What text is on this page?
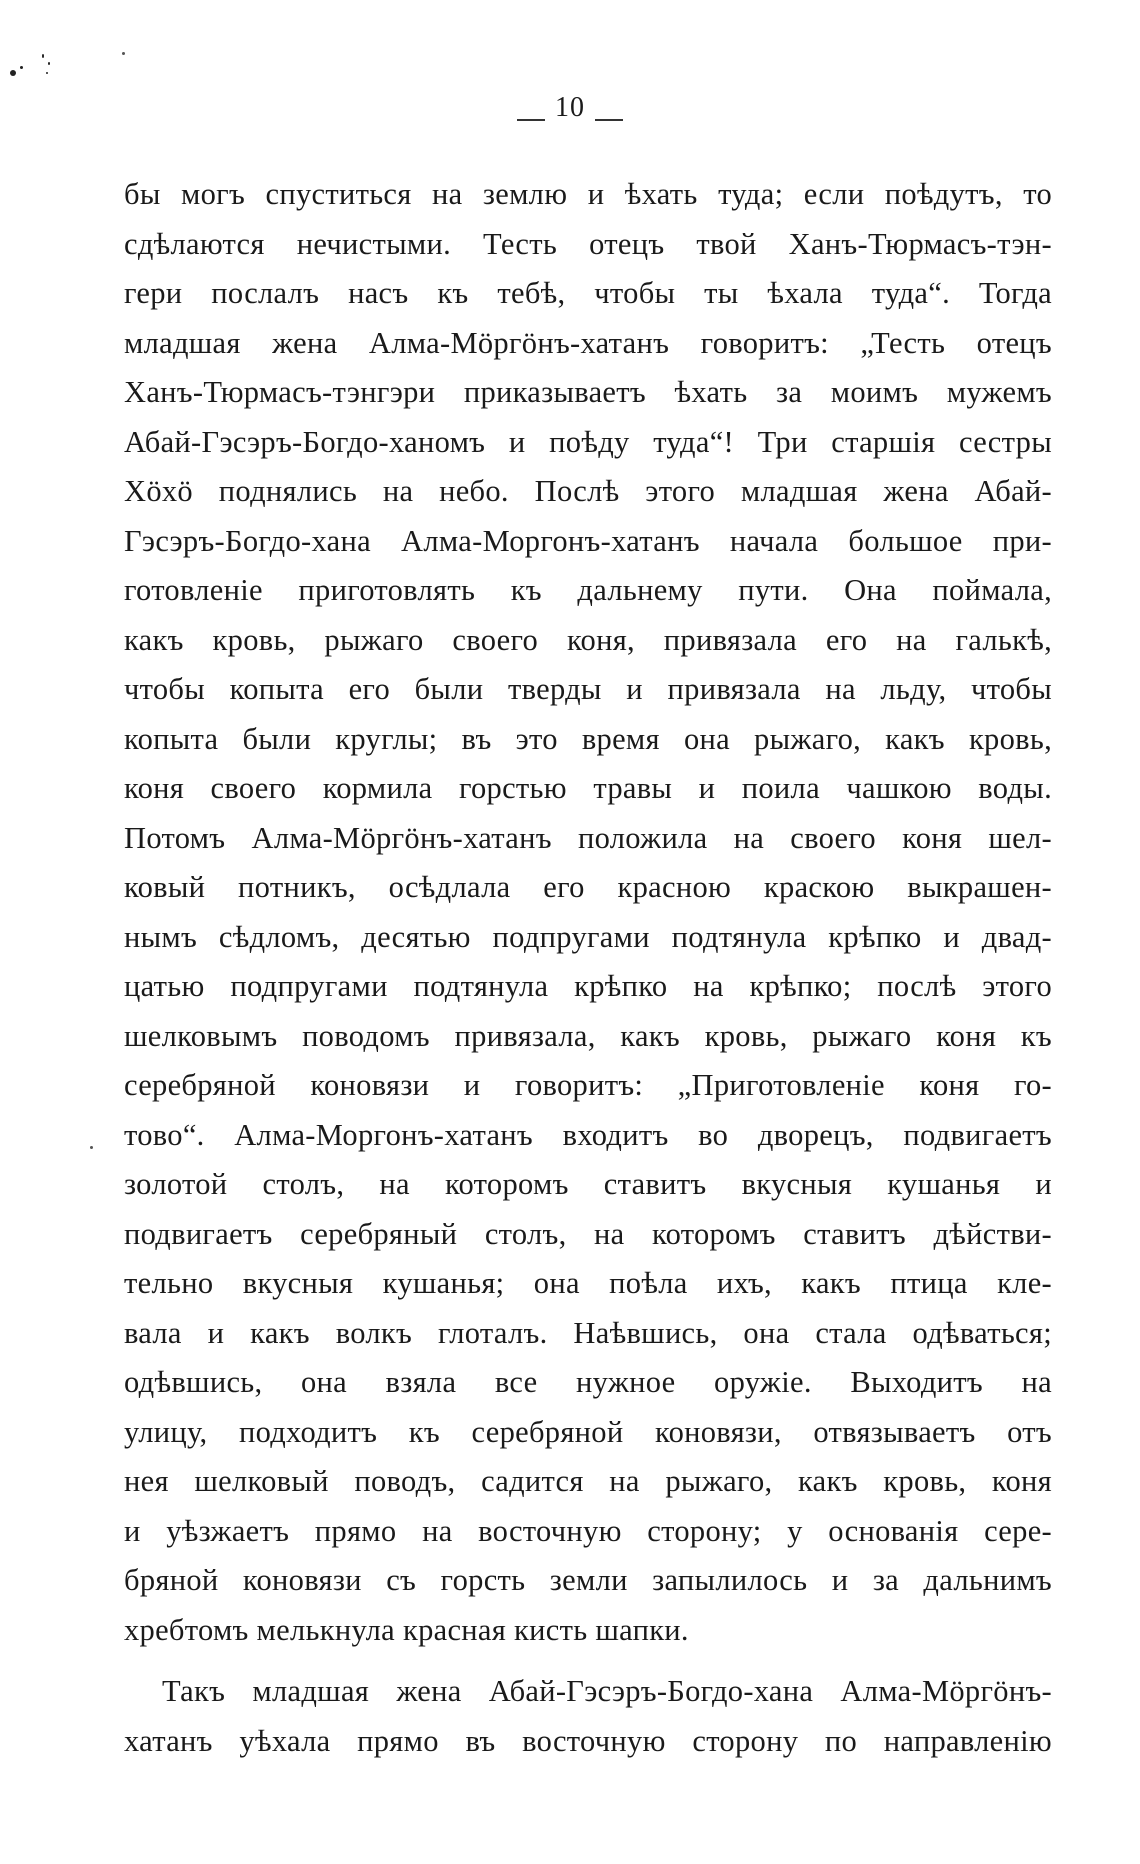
10
бы могъ спуститься на землю и ѣхать туда; если поѣдутъ, то
сдѣлаются нечистыми. Тесть отецъ твой Ханъ-Тюрмасъ-тэн-
гери послалъ насъ къ тебѣ, чтобы ты ѣхала туда“. Тогда
младшая жена Алма-Мöргöнъ-хатанъ говоритъ: „Тесть отецъ
Ханъ-Тюрмасъ-тэнгэри приказываетъ ѣхать за моимъ мужемъ
Абай-Гэсэръ-Богдо-ханомъ и поѣду туда“! Три старшія сестры
Хöхö поднялись на небо. Послѣ этого младшая жена Абай-
Гэсэръ-Богдо-хана Алма-Моргонъ-хатанъ начала большое при-
готовленіе приготовлять къ дальнему пути. Она поймала,
какъ кровь, рыжаго своего коня, привязала его на галькѣ,
чтобы копыта его были тверды и привязала на льду, чтобы
копыта были круглы; въ это время она рыжаго, какъ кровь,
коня своего кормила горстью травы и поила чашкою воды.
Потомъ Алма-Мöргöнъ-хатанъ положила на своего коня шел-
ковый потникъ, осѣдлала его красною краскою выкрашен-
нымъ сѣдломъ, десятью подпругами подтянула крѣпко и двад-
цатью подпругами подтянула крѣпко на крѣпко; послѣ этого
шелковымъ поводомъ привязала, какъ кровь, рыжаго коня къ
серебряной коновязи и говоритъ: „Приготовленіе коня го-
тово“. Алма-Моргонъ-хатанъ входитъ во дворецъ, подвигаетъ
золотой столъ, на которомъ ставитъ вкусныя кушанья и
подвигаетъ серебряный столъ, на которомъ ставитъ дѣйстви-
тельно вкусныя кушанья; она поѣла ихъ, какъ птица кле-
вала и какъ волкъ глоталъ. Наѣвшись, она стала одѣваться;
одѣвшись, она взяла все нужное оружіе. Выходитъ на
улицу, подходитъ къ серебряной коновязи, отвязываетъ отъ
нея шелковый поводъ, садится на рыжаго, какъ кровь, коня
и уѣзжаетъ прямо на восточную сторону; у основанія сере-
бряной коновязи съ горсть земли запылилось и за дальнимъ
хребтомъ мелькнула красная кисть шапки.
Такъ младшая жена Абай-Гэсэръ-Богдо-хана Алма-Мöргöнъ-
хатанъ уѣхала прямо въ восточную сторону по направленію
